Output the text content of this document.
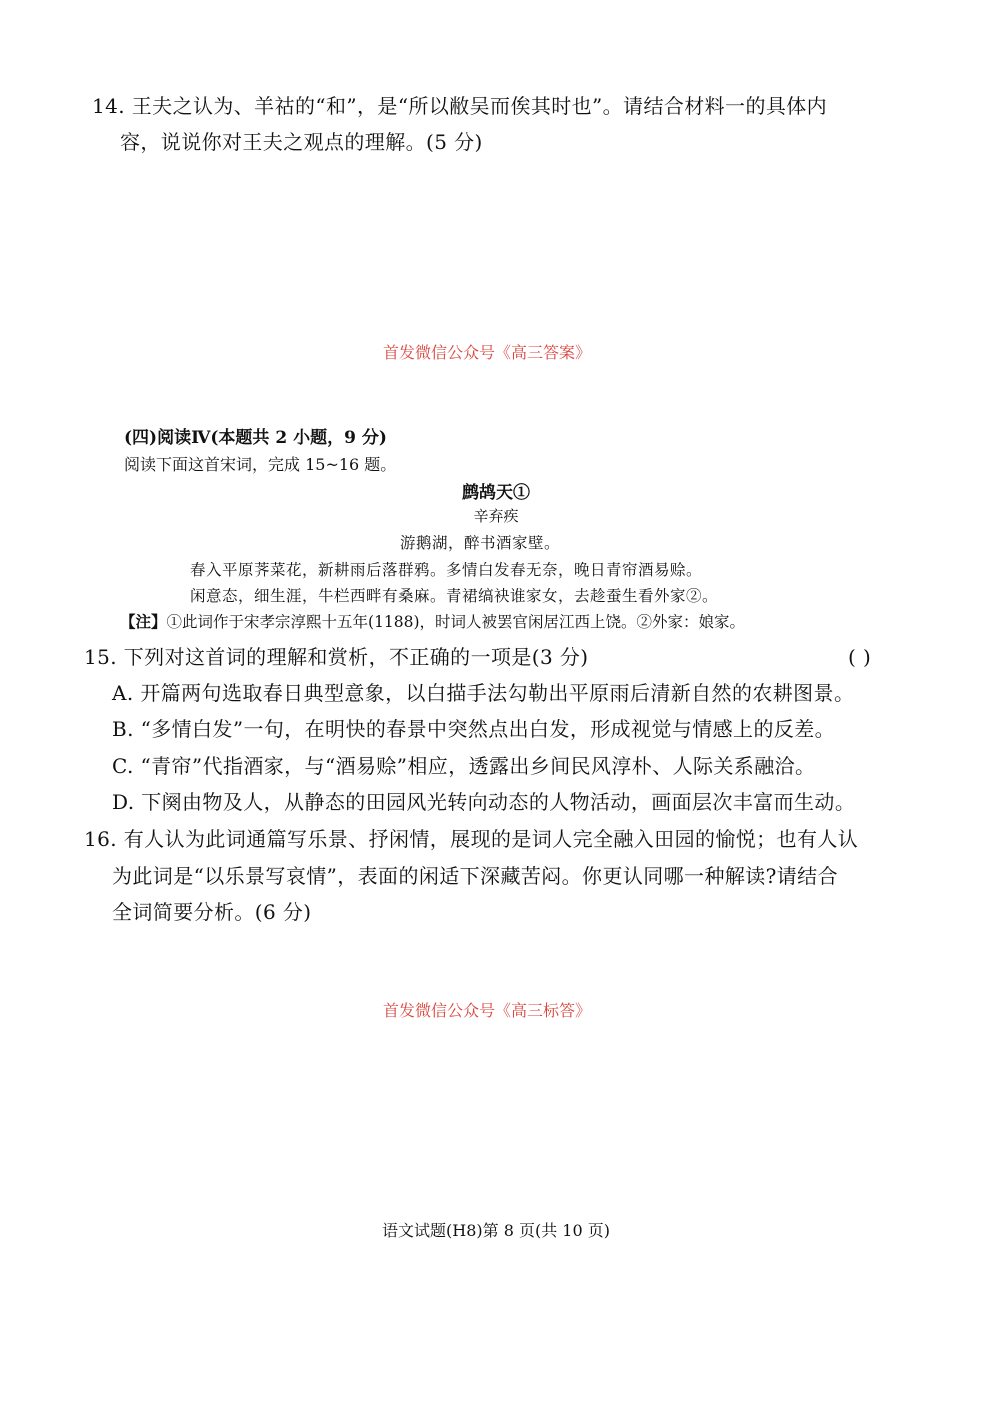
14. 王夫之认为、羊祜的“和”，是“所以敝吴而俟其时也”。请结合材料一的具体内
容，说说你对王夫之观点的理解。(5 分)
首发微信公众号《高三答案》
(四)阅读Ⅳ(本题共 2 小题，9 分)
阅读下面这首宋词，完成 15~16 题。
鹧鸪天①
辛弃疾
游鹅湖，醉书酒家壁。
春入平原荠菜花，新耕雨后落群鸦。多情白发春无奈，晚日青帘酒易赊。
闲意态，细生涯，牛栏西畔有桑麻。青裙缟袂谁家女，去趁蚕生看外家②。
【注】①此词作于宋孝宗淳熙十五年(1188)，时词人被罢官闲居江西上饶。②外家：娘家。
15. 下列对这首词的理解和赏析，不正确的一项是(3 分)	( )
A. 开篇两句选取春日典型意象，以白描手法勾勒出平原雨后清新自然的农耕图景。
B. “多情白发”一句，在明快的春景中突然点出白发，形成视觉与情感上的反差。
C. “青帘”代指酒家，与“酒易赊”相应，透露出乡间民风淳朴、人际关系融洽。
D. 下阕由物及人，从静态的田园风光转向动态的人物活动，画面层次丰富而生动。
16. 有人认为此词通篇写乐景、抒闲情，展现的是词人完全融入田园的愉悦；也有人认
为此词是“以乐景写哀情”，表面的闲适下深藏苦闷。你更认同哪一种解读?请结合
全词简要分析。(6 分)
首发微信公众号《高三标答》
语文试题(H8)第 8 页(共 10 页)
